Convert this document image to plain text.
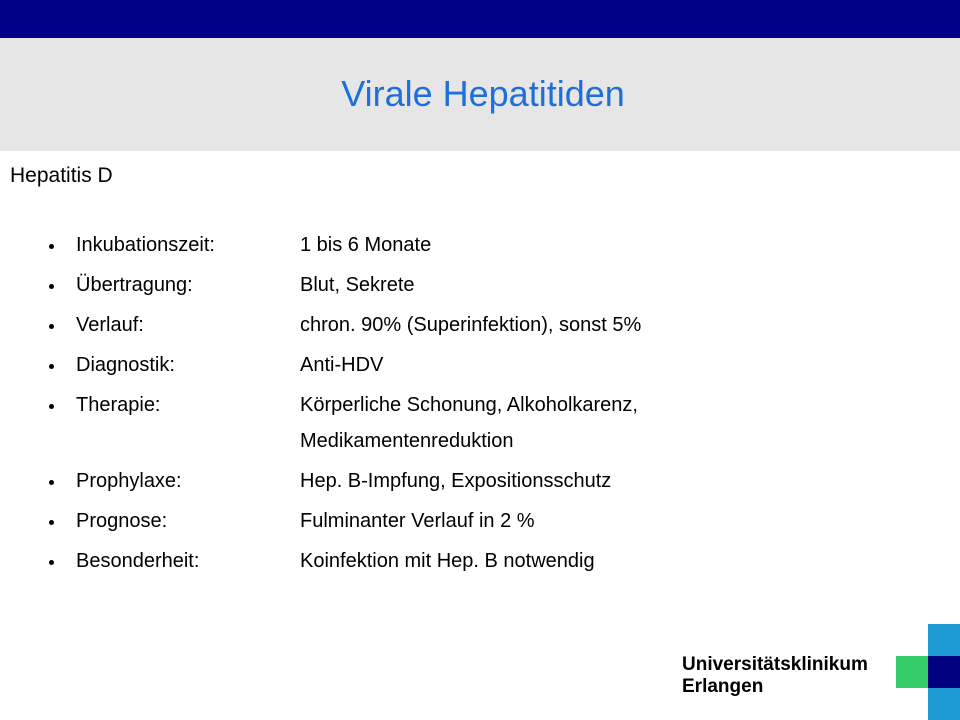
Virale Hepatitiden
Hepatitis D
Inkubationszeit:	1 bis 6 Monate
Übertragung:	Blut, Sekrete
Verlauf:	chron. 90% (Superinfektion), sonst 5%
Diagnostik:	Anti-HDV
Therapie:	Körperliche Schonung, Alkoholkarenz, Medikamentenreduktion
Prophylaxe:	Hep. B-Impfung, Expositionsschutz
Prognose:	Fulminanter Verlauf in 2 %
Besonderheit:	Koinfektion mit Hep. B notwendig
Universitätsklinikum
Erlangen
